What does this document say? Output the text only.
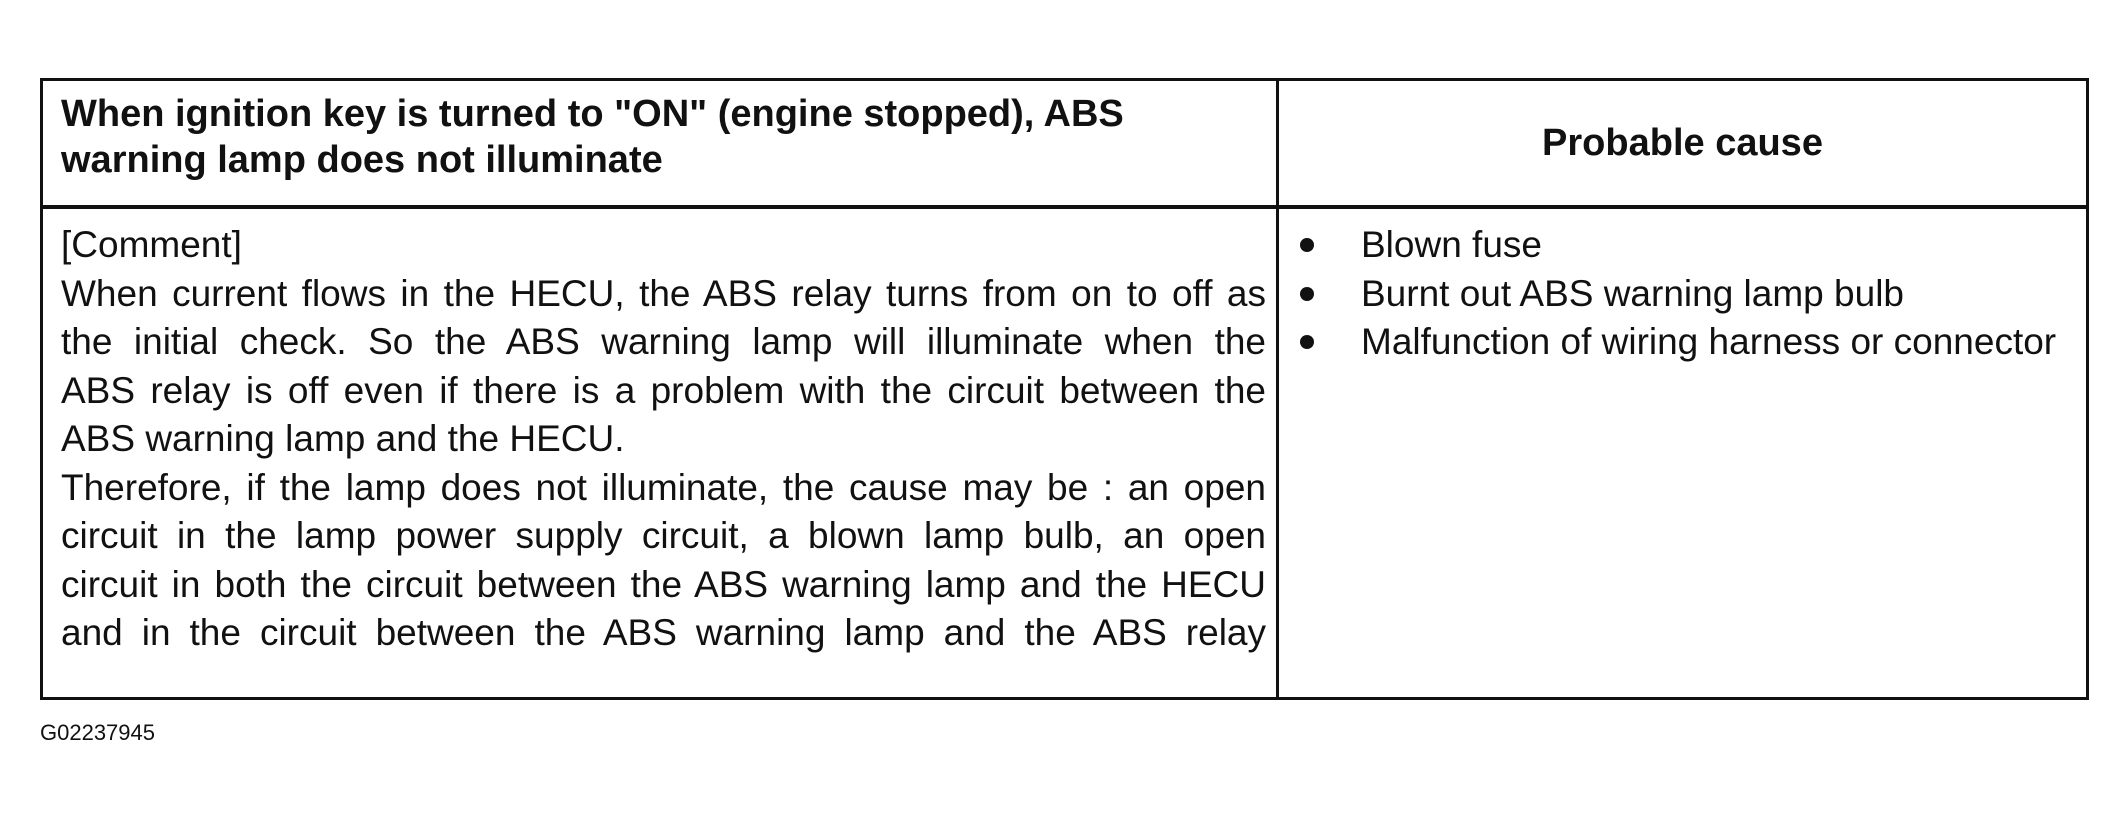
When ignition key is turned to "ON" (engine stopped), ABS
warning lamp does not illuminate	Probable cause
[Comment]
When current flows in the HECU, the ABS relay turns from on to off as
the initial check. So the ABS warning lamp will illuminate when the
ABS relay is off even if there is a problem with the circuit between the
ABS warning lamp and the HECU.
Therefore, if the lamp does not illuminate, the cause may be : an open
circuit in the lamp power supply circuit, a blown lamp bulb, an open
circuit in both the circuit between the ABS warning lamp and the HECU
and in the circuit between the ABS warning lamp and the ABS relay
Blown fuse
Burnt out ABS warning lamp bulb
Malfunction of wiring harness or connector
G02237945
